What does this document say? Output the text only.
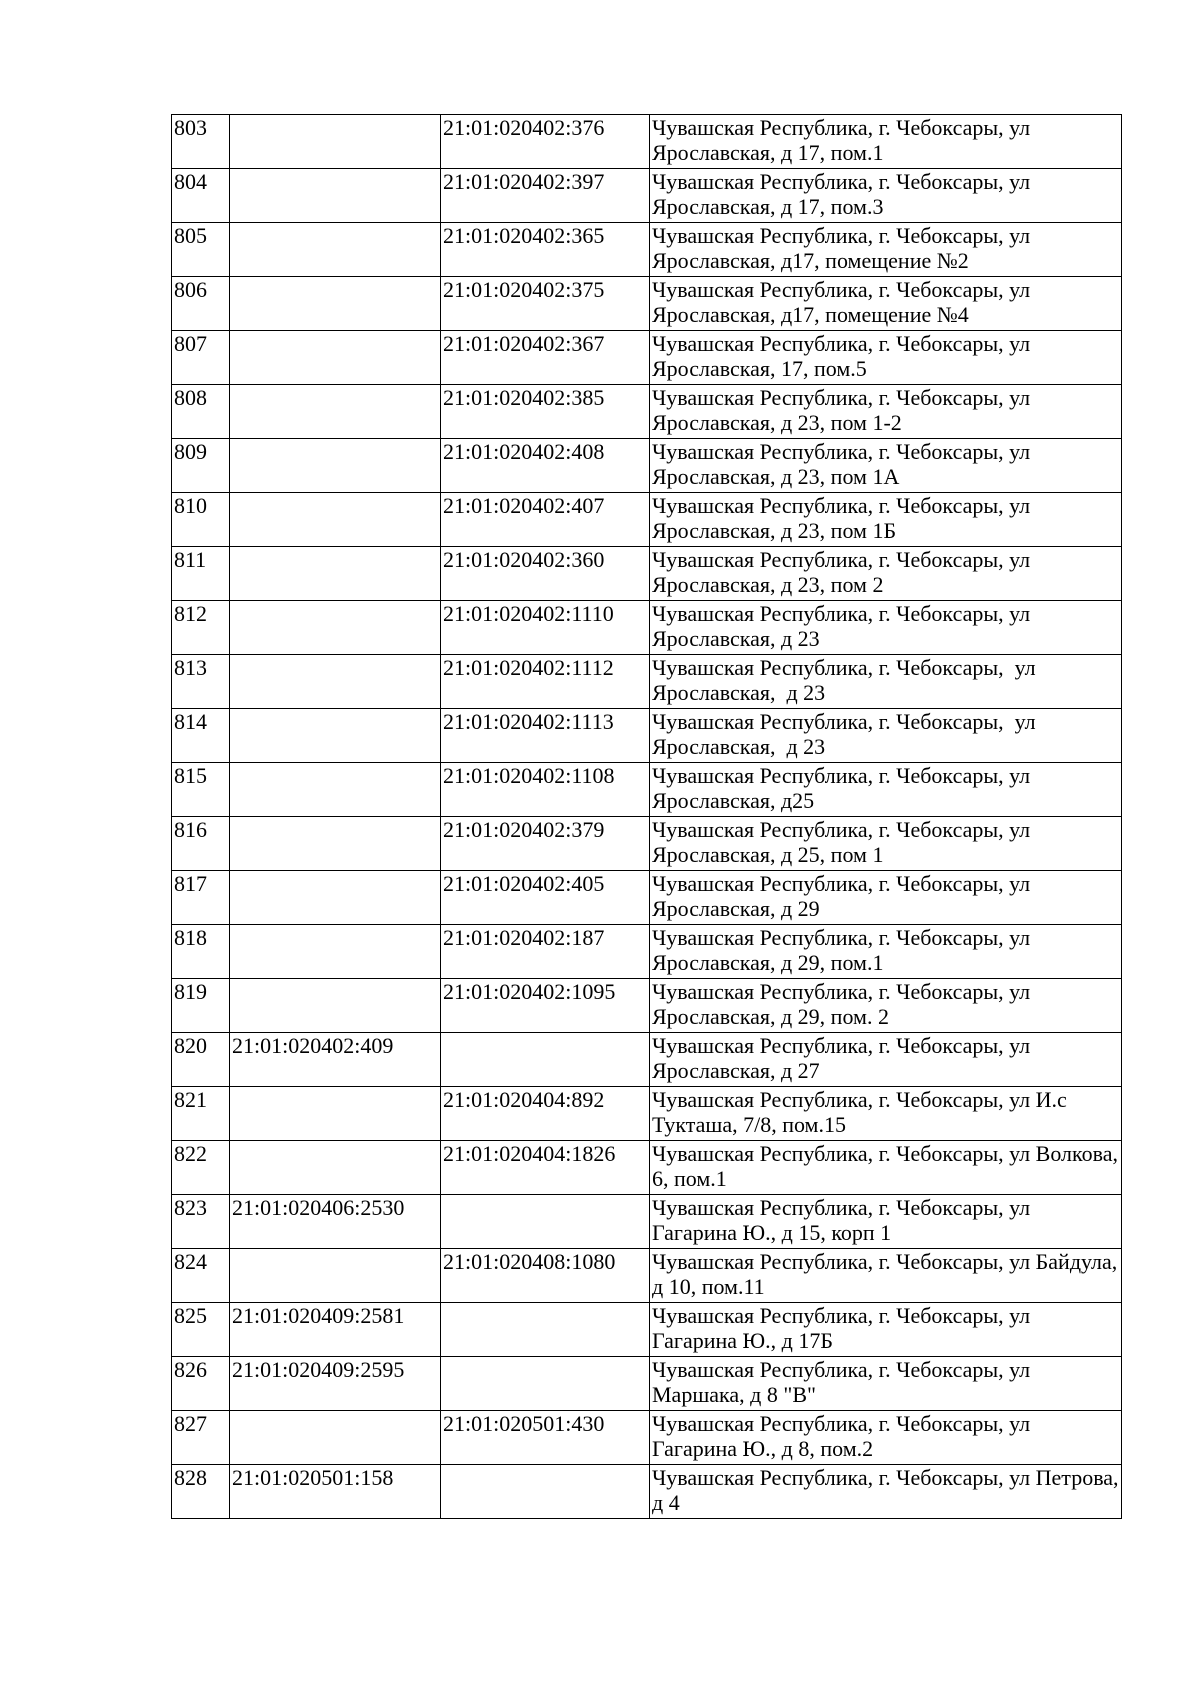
803		21:01:020402:376	Чувашская Республика, г. Чебоксары, ул Ярославская, д 17, пом.1
804		21:01:020402:397	Чувашская Республика, г. Чебоксары, ул Ярославская, д 17, пом.3
805		21:01:020402:365	Чувашская Республика, г. Чебоксары, ул Ярославская, д17, помещение №2
806		21:01:020402:375	Чувашская Республика, г. Чебоксары, ул Ярославская, д17, помещение №4
807		21:01:020402:367	Чувашская Республика, г. Чебоксары, ул Ярославская, 17, пом.5
808		21:01:020402:385	Чувашская Республика, г. Чебоксары, ул Ярославская, д 23, пом 1-2
809		21:01:020402:408	Чувашская Республика, г. Чебоксары, ул Ярославская, д 23, пом 1А
810		21:01:020402:407	Чувашская Республика, г. Чебоксары, ул Ярославская, д 23, пом 1Б
811		21:01:020402:360	Чувашская Республика, г. Чебоксары, ул Ярославская, д 23, пом 2
812		21:01:020402:1110	Чувашская Республика, г. Чебоксары, ул Ярославская, д 23
813		21:01:020402:1112	Чувашская Республика, г. Чебоксары,  ул Ярославская,  д 23
814		21:01:020402:1113	Чувашская Республика, г. Чебоксары,  ул Ярославская,  д 23
815		21:01:020402:1108	Чувашская Республика, г. Чебоксары, ул Ярославская, д25
816		21:01:020402:379	Чувашская Республика, г. Чебоксары, ул Ярославская, д 25, пом 1
817		21:01:020402:405	Чувашская Республика, г. Чебоксары, ул Ярославская, д 29
818		21:01:020402:187	Чувашская Республика, г. Чебоксары, ул Ярославская, д 29, пом.1
819		21:01:020402:1095	Чувашская Республика, г. Чебоксары, ул Ярославская, д 29, пом. 2
820	21:01:020402:409		Чувашская Республика, г. Чебоксары, ул Ярославская, д 27
821		21:01:020404:892	Чувашская Республика, г. Чебоксары, ул И.с Тукташа, 7/8, пом.15
822		21:01:020404:1826	Чувашская Республика, г. Чебоксары, ул Волкова, 6, пом.1
823	21:01:020406:2530		Чувашская Республика, г. Чебоксары, ул Гагарина Ю., д 15, корп 1
824		21:01:020408:1080	Чувашская Республика, г. Чебоксары, ул Байдула, д 10, пом.11
825	21:01:020409:2581		Чувашская Республика, г. Чебоксары, ул Гагарина Ю., д 17Б
826	21:01:020409:2595		Чувашская Республика, г. Чебоксары, ул Маршака, д 8 "В"
827		21:01:020501:430	Чувашская Республика, г. Чебоксары, ул Гагарина Ю., д 8, пом.2
828	21:01:020501:158		Чувашская Республика, г. Чебоксары, ул Петрова, д 4
